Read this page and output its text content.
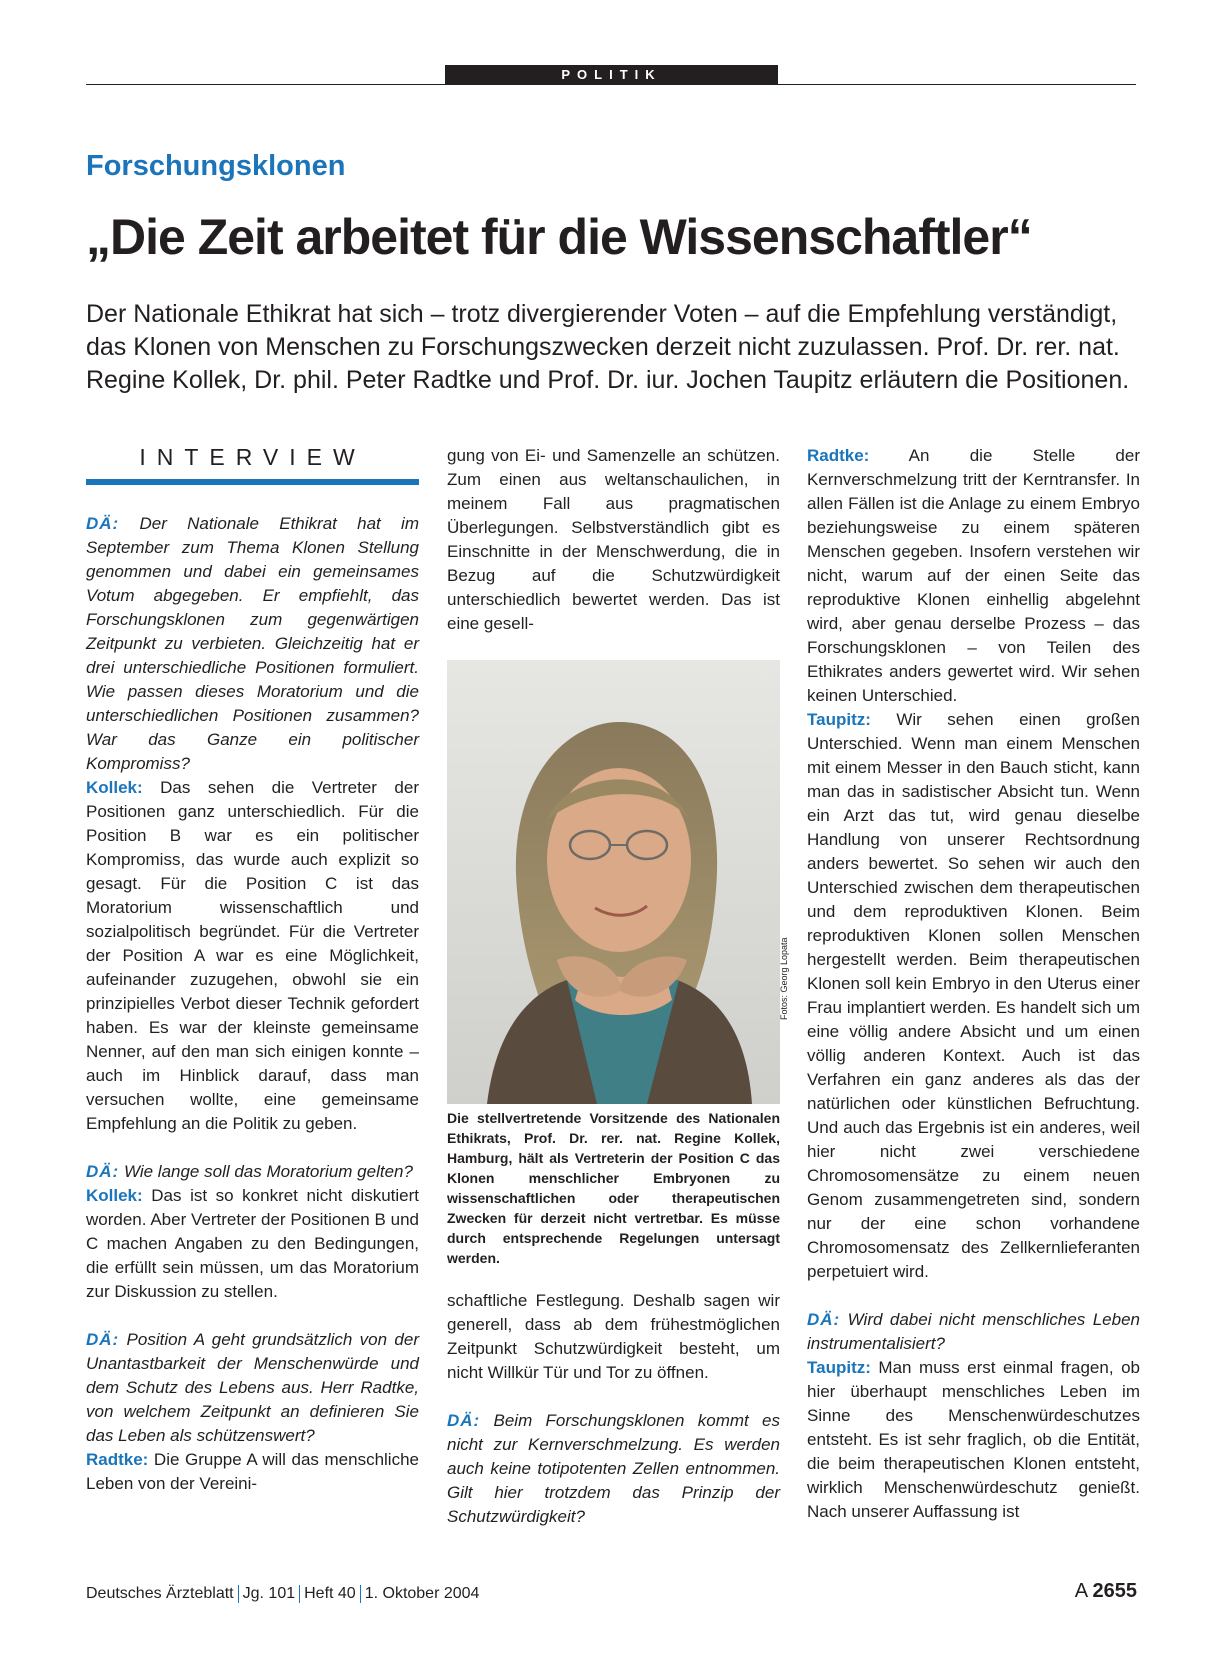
POLITIK
Forschungsklonen
„Die Zeit arbeitet für die Wissenschaftler“
Der Nationale Ethikrat hat sich – trotz divergierender Voten – auf die Empfehlung verständigt, das Klonen von Menschen zu Forschungszwecken derzeit nicht zuzulassen. Prof. Dr. rer. nat. Regine Kollek, Dr. phil. Peter Radtke und Prof. Dr. iur. Jochen Taupitz erläutern die Positionen.
INTERVIEW

DÄ: Der Nationale Ethikrat hat im September zum Thema Klonen Stellung genommen und dabei ein gemeinsames Votum abgegeben. Er empfiehlt, das Forschungsklonen zum gegenwärtigen Zeitpunkt zu verbieten. Gleichzeitig hat er drei unterschiedliche Positionen formuliert. Wie passen dieses Moratorium und die unterschiedlichen Positionen zusammen? War das Ganze ein politischer Kompromiss?

Kollek: Das sehen die Vertreter der Positionen ganz unterschiedlich. Für die Position B war es ein politischer Kompromiss, das wurde auch explizit so gesagt. Für die Position C ist das Moratorium wissenschaftlich und sozialpolitisch begründet. Für die Vertreter der Position A war es eine Möglichkeit, aufeinander zuzugehen, obwohl sie ein prinzipielles Verbot dieser Technik gefordert haben. Es war der kleinste gemeinsame Nenner, auf den man sich einigen konnte – auch im Hinblick darauf, dass man versuchen wollte, eine gemeinsame Empfehlung an die Politik zu geben.

DÄ: Wie lange soll das Moratorium gelten?

Kollek: Das ist so konkret nicht diskutiert worden. Aber Vertreter der Positionen B und C machen Angaben zu den Bedingungen, die erfüllt sein müssen, um das Moratorium zur Diskussion zu stellen.

DÄ: Position A geht grundsätzlich von der Unantastbarkeit der Menschenwürde und dem Schutz des Lebens aus. Herr Radtke, von welchem Zeitpunkt an definieren Sie das Leben als schützenswert?

Radtke: Die Gruppe A will das menschliche Leben von der Vereini-

gung von Ei- und Samenzelle an schützen. Zum einen aus weltanschaulichen, in meinem Fall aus pragmatischen Überlegungen. Selbstverständlich gibt es Einschnitte in der Menschwerdung, die in Bezug auf die Schutzwürdigkeit unterschiedlich bewertet werden. Das ist eine gesell-

Fotos: Georg Lopata
Die stellvertretende Vorsitzende des Nationalen Ethikrats, Prof. Dr. rer. nat. Regine Kollek, Hamburg, hält als Vertreterin der Position C das Klonen menschlicher Embryonen zu wissenschaftlichen oder therapeutischen Zwecken für derzeit nicht vertretbar. Es müsse durch entsprechende Regelungen untersagt werden.

schaftliche Festlegung. Deshalb sagen wir generell, dass ab dem frühestmöglichen Zeitpunkt Schutzwürdigkeit besteht, um nicht Willkür Tür und Tor zu öffnen.

DÄ: Beim Forschungsklonen kommt es nicht zur Kernverschmelzung. Es werden auch keine totipotenten Zellen entnommen. Gilt hier trotzdem das Prinzip der Schutzwürdigkeit?

Radtke: An die Stelle der Kernverschmelzung tritt der Kerntransfer. In allen Fällen ist die Anlage zu einem Embryo beziehungsweise zu einem späteren Menschen gegeben. Insofern verstehen wir nicht, warum auf der einen Seite das reproduktive Klonen einhellig abgelehnt wird, aber genau derselbe Prozess – das Forschungsklonen – von Teilen des Ethikrates anders gewertet wird. Wir sehen keinen Unterschied.

Taupitz: Wir sehen einen großen Unterschied. Wenn man einem Menschen mit einem Messer in den Bauch sticht, kann man das in sadistischer Absicht tun. Wenn ein Arzt das tut, wird genau dieselbe Handlung von unserer Rechtsordnung anders bewertet. So sehen wir auch den Unterschied zwischen dem therapeutischen und dem reproduktiven Klonen. Beim reproduktiven Klonen sollen Menschen hergestellt werden. Beim therapeutischen Klonen soll kein Embryo in den Uterus einer Frau implantiert werden. Es handelt sich um eine völlig andere Absicht und um einen völlig anderen Kontext. Auch ist das Verfahren ein ganz anderes als das der natürlichen oder künstlichen Befruchtung. Und auch das Ergebnis ist ein anderes, weil hier nicht zwei verschiedene Chromosomensätze zu einem neuen Genom zusammengetreten sind, sondern nur der eine schon vorhandene Chromosomensatz des Zellkernlieferanten perpetuiert wird.

DÄ: Wird dabei nicht menschliches Leben instrumentalisiert?

Taupitz: Man muss erst einmal fragen, ob hier überhaupt menschliches Leben im Sinne des Menschenwürdeschutzes entsteht. Es ist sehr fraglich, ob die Entität, die beim therapeutischen Klonen entsteht, wirklich Menschenwürdeschutz genießt. Nach unserer Auffassung ist

Deutsches Ärzteblatt Jg. 101 Heft 40 1. Oktober 2004	A 2655
